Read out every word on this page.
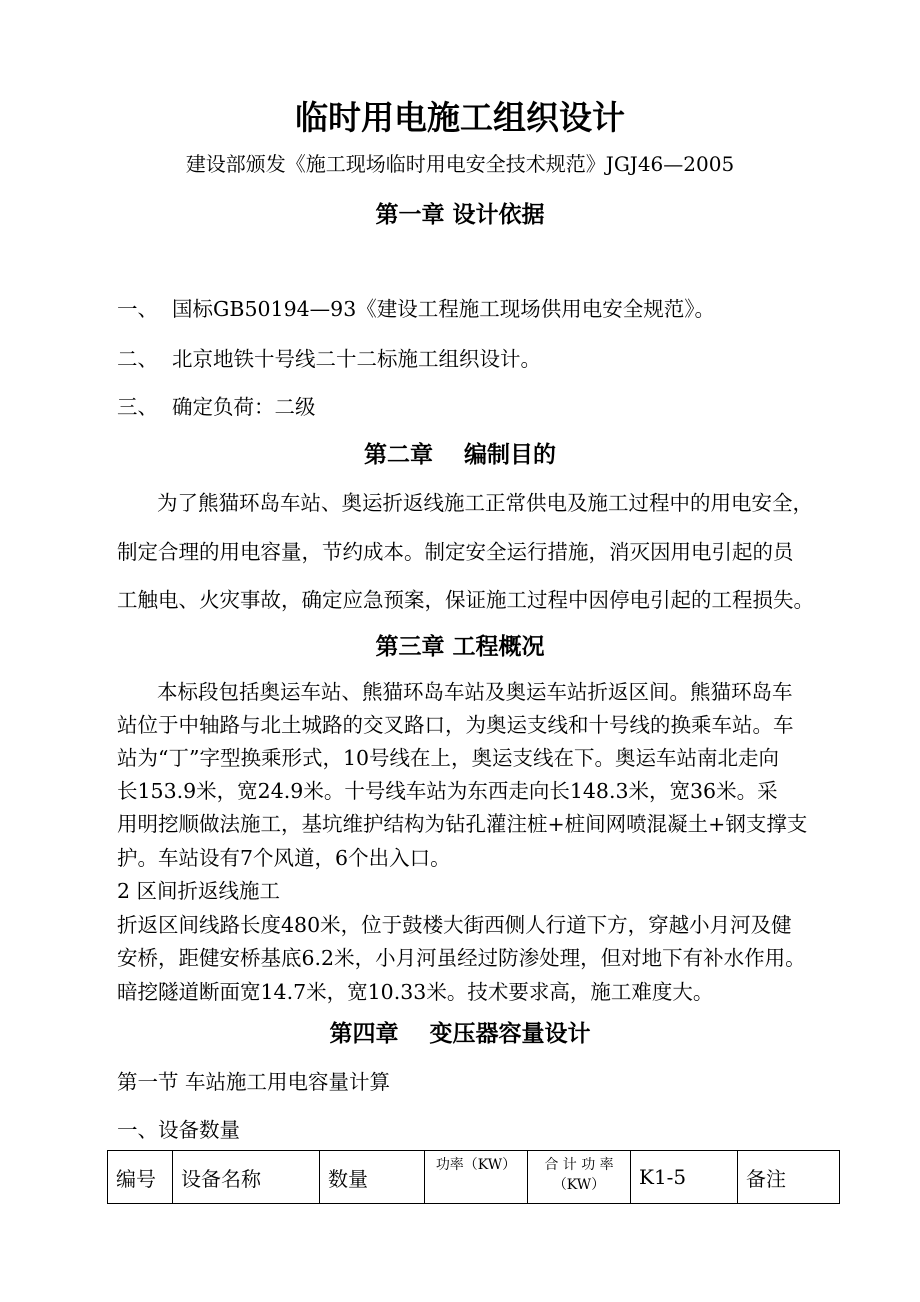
临时用电施工组织设计
建设部颁发《施工现场临时用电安全技术规范》JGJ46—2005
第一章 设计依据
一、 国标GB50194—93《建设工程施工现场供用电安全规范》。
二、 北京地铁十号线二十二标施工组织设计。
三、 确定负荷：二级
第二章　 编制目的
为了熊猫环岛车站、奥运折返线施工正常供电及施工过程中的用电安全，
制定合理的用电容量，节约成本。制定安全运行措施，消灭因用电引起的员
工触电、火灾事故，确定应急预案，保证施工过程中因停电引起的工程损失。
第三章 工程概况
本标段包括奥运车站、熊猫环岛车站及奥运车站折返区间。熊猫环岛车
站位于中轴路与北土城路的交叉路口，为奥运支线和十号线的换乘车站。车
站为“丁”字型换乘形式，10号线在上，奥运支线在下。奥运车站南北走向
长153.9米，宽24.9米。十号线车站为东西走向长148.3米，宽36米。采
用明挖顺做法施工，基坑维护结构为钻孔灌注桩+桩间网喷混凝土+钢支撑支
护。车站设有7个风道，6个出入口。
2 区间折返线施工
折返区间线路长度480米，位于鼓楼大街西侧人行道下方，穿越小月河及健
安桥，距健安桥基底6.2米，小月河虽经过防渗处理，但对地下有补水作用。
暗挖隧道断面宽14.7米，宽10.33米。技术要求高，施工难度大。
第四章　 变压器容量设计
第一节 车站施工用电容量计算
一、设备数量
编号	设备名称	数量	功率（KW）	合 计 功 率
（KW）	K1-5	备注
